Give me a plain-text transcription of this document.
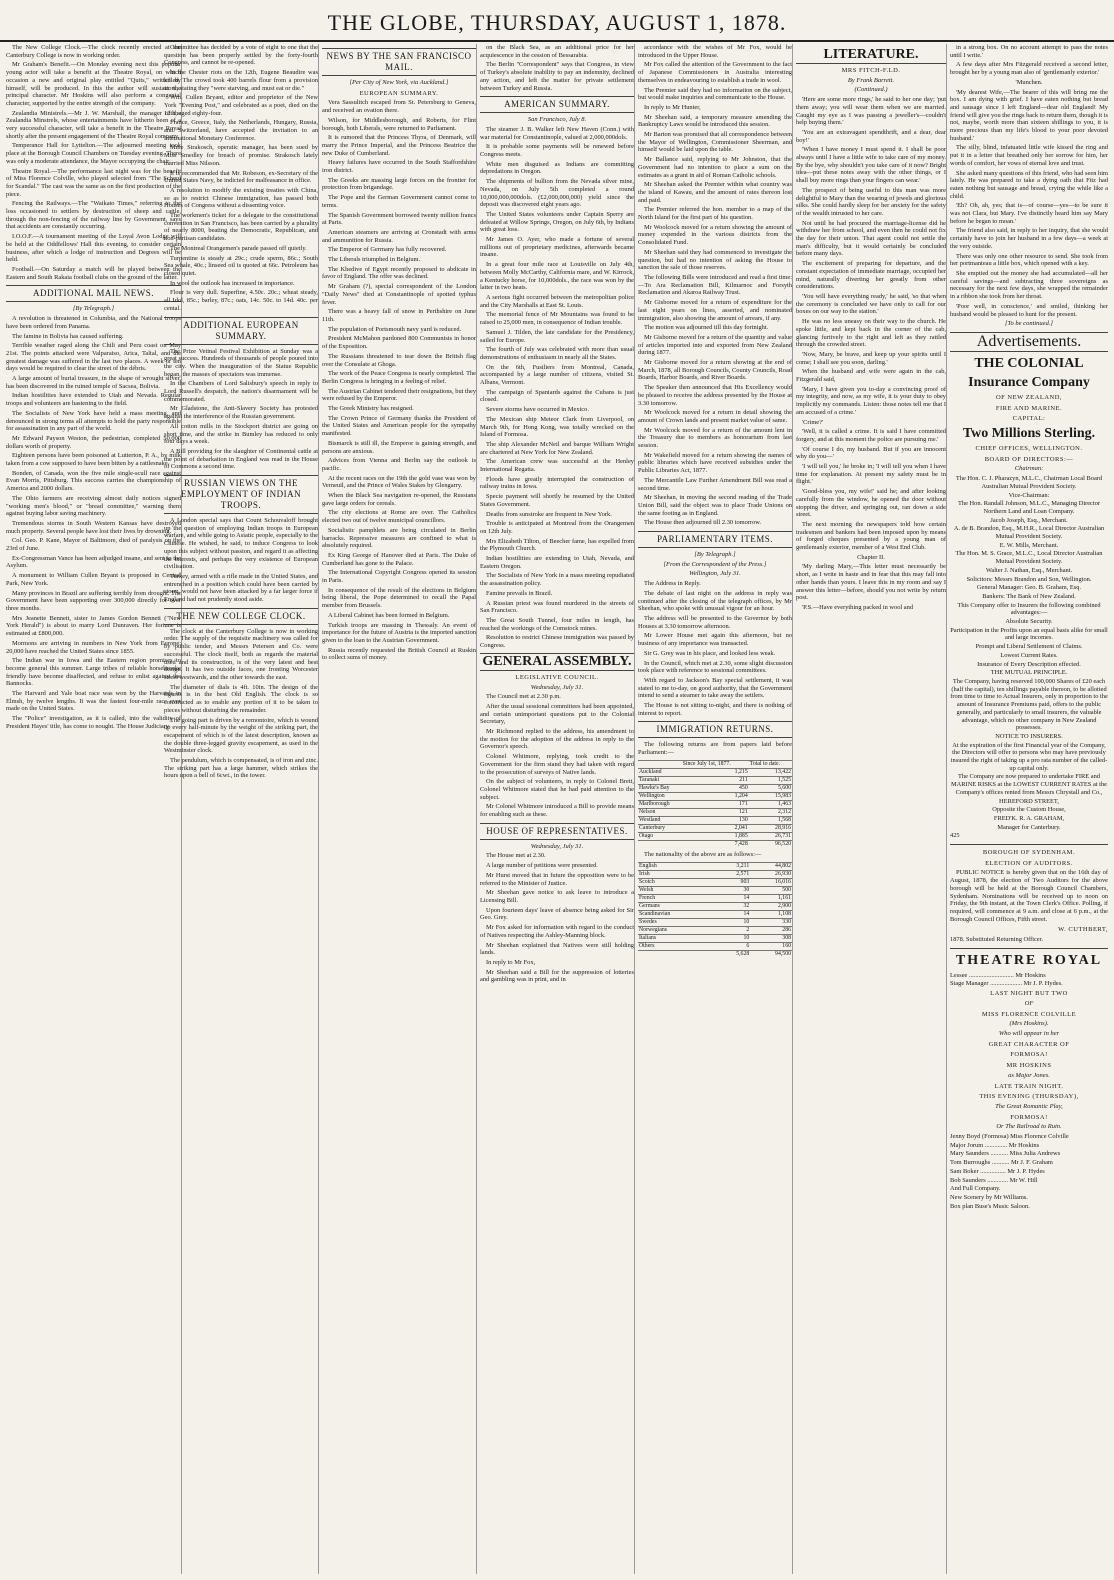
THE GLOBE, THURSDAY, AUGUST 1, 1878.

The New College Clock.—The clock recently erected at the Canterbury College is now in working order.

Mr Graham's Benefit.—On Monday evening next this popular young actor will take a benefit at the Theatre Royal, on which occasion a new and original play entitled "Quits," written by himself, will be produced. In this the author will sustain the principal character. Mr Hoskins will also perform a congenial character, supported by the entire strength of the company.

Zealandia Ministrels.—Mr J. W. Marshall, the manager of the Zealandia Minstrels, whose entertainments have hitherto been of a very successful character, will take a benefit in the Theatre Royal shortly after the present engagement of the Theatre Royal company.

Temperance Hall for Lyttelton.—The adjourned meeting took place at the Borough Council Chambers on Tuesday evening. There was only a moderate attendance, the Mayor occupying the chair.

Theatre Royal.—The performance last night was for the benefit of Miss Florence Colville, who played selected from "The School for Scandal." The cast was the same as on the first production of the piece.

Fencing the Railways.—The "Waikato Times," referring to the loss occasioned to settlers by destruction of sheep and cattle, through the non-fencing of the railway line by Government, says that accidents are constantly occurring.

I.O.O.F.—A tournament meeting of the Loyal Avon Lodge will be held at the Oddfellows' Hall this evening, to consider certain business, after which a lodge of instruction and Degrees will be held.

Football.—On Saturday a match will be played between the Eastern and South Rakaia football clubs on the ground of the latter.

ADDITIONAL MAIL NEWS.
[By Telegraph.]

A revolution is threatened in Columbia, and the National troops have been ordered from Panama.

The famine in Bolivia has caused suffering.

Terrible weather raged along the Chili and Peru coast on May 21st. The points attacked were Valparaiso, Arica, Taltal, and the greatest damage was suffered in the last two places. A week or ten days would be required to clear the street of the débris.

A large amount of burial treasure, in the shape of wrought silver, has been discovered in the ruined temple of Sacsea, Bolivia.

Indian hostilities have extended to Utah and Nevada. Regular troops and volunteers are hastening to the field.

The Socialists of New York have held a mass meeting, and denounced in strong terms all attempts to hold the party responsible for assassination in any part of the world.

Mr Edward Payson Weston, the pedestrian, completed 50,000 dollars worth of property.

Eighteen persons have been poisoned at Lutterton, P. A., by milk taken from a cow supposed to have been bitten by a rattlesnake.

Bonden, of Canada, won the five mile single-scull race against Evan Morris, Pittsburg. This success carries the championship of America and 2000 dollars.

The Ohio farmers are receiving almost daily notices signed "working men's blood," or "bread committee," warning them against buying labor saving machinery.

Tremendous storms in South Western Kansas have destroyed much property. Several people have lost their lives by drowning.

Col. Geo. P. Kane, Mayor of Baltimore, died of paralysis on the 23rd of June.

Ex-Congressman Vance has been adjudged insane, and sent to the Asylum.

A monument to William Cullen Bryant is proposed in Central Park, New York.

Many provinces in Brazil are suffering terribly from drought. The Government have been supporting over 300,000 directly for over three months.

Mrs Jeanette Bennett, sister to James Gordon Bennett ("New York Herald") is about to marry Lord Dunraven. Her fortune is estimated at £800,000.

Mormons are arriving in numbers in New York from Europe; 20,000 have reached the United States since 1855.

The Indian war in Iowa and the Eastern region promises to become general this summer. Large tribes of reliable horsebrooke friendly have become disaffected, and refuse to enlist against the Bannocks.

The Harvard and Yale boat race was won by the Harvards in Elmsh, by twelve lengths. It was the fastest four-mile race ever made on the United States.

The "Police" investigation, as it is called, into the validity of President Hayes' title, has come to nought. The House Judiciary

Committee has decided by a vote of eight to one that the question has been properly settled by the forty-fourth Congress, and cannot be re-opened.

In the Chester riots on the 12th, Eugene Beaudire was killed. The crowd took 400 barrels flour from a provision store, stating they "were starving, and must eat or die."

Wm. Cullen Bryant, editor and proprietor of the New York "Evening Post," and celebrated as a poet, died on the 12th, aged eighty-four.

France, Greece, Italy, the Netherlands, Hungary, Russia, and Switzerland, have accepted the invitation to an International Monetary Conference.

Mme Strakosch, operatic manager, has been sued by Miss Smedley for breach of promise. Strakosch lately married Miss Nilsson.

It is recommended that Mr. Robeson, ex-Secretary of the United States Navy, be indicted for malfeasance in office.

A resolution to modify the existing treaties with China, so as to restrict Chinese immigration, has passed both Houses of Congress without a dissenting voice.

The workmen's ticket for a delegate to the constitutional convention in San Francisco, has been carried by a plurality of nearly 8000, beating the Democratic, Republican, and non-partisan candidates.

The Montreal Orangemen's parade passed off quietly.

Turpentine is steady at 29c.; crude sperm, 86c.; South Sea whale, 40c.; linseed oil is quoted at 66c. Petroleum has closed quiet.

In wool the outlook has increased in importance.

Flour is very dull. Superfine, 4.50c. 20c.; wheat steady, all Idol, 85c.; barley, 87c.; oats, 14c. 50c. to 14d. 40c. per cental.

ADDITIONAL EUROPEAN SUMMARY.

The Prize Vetinal Festival Exhibition at Sunday was a great success. Hundreds of thousands of people poured into the city. When the inauguration of the Statue Republic began, the masses of spectators was immense.

In the Chambers of Lord Salisbury's speech in reply to Lord Russell's despatch, the nation's disarmament will be commemorated.

Mr Gladstone, the Anti-Slavery Society has protested against the interference of the Russian government.

All cotton mills in the Stockport district are going on short time, and the strike in Bumley has reduced to only four days a week.

A Bill providing for the slaughter of Continental cattle at the point of debarkation in England was read in the House of Commons a second time.

RUSSIAN VIEWS ON THE EMPLOYMENT OF INDIAN TROOPS.

A London special says that Count Schouvaloff brought up the question of employing Indian troops in European warfare, and while going to Asiatic people, especially to the Chinese. He wished, he said, to induce Congress to look upon this subject without passion, and regard it as affecting the interests, and perhaps the very existence of European civilisation.

Turkey, armed with a rifle made in the United States, and entrenched in a position which could have been carried by storm, would not have been attacked by a far larger force if England had not prudently stood aside.

THE NEW COLLEGE CLOCK.

The clock at the Canterbury College is now in working order. The supply of the requisite machinery was called for by public tender, and Messrs Petersen and Co. were successful. The clock itself, both as regards the material used and its construction, is of the very latest and best design. It has two outside faces, one fronting Worcester street westwards, and the other towards the east.

The diameter of dials is 4ft. 10in. The design of the figures is in the best Old English. The clock is so constructed as to enable any portion of it to be taken to pieces without disturbing the remainder.

The going part is driven by a remontoire, which is wound up every half-minute by the weight of the striking part, the escapement of which is of the latest description, known as the double three-legged gravity escapement, as used in the Westminster clock.

The pendulum, which is compensated, is of iron and zinc. The striking part has a large hammer, which strikes the hours upon a bell of 6cwt., in the tower.

NEWS BY THE SAN FRANCISCO MAIL.
[Per City of New York, via Auckland.]
EUROPEAN SUMMARY.

Vera Sassulitch escaped from St. Petersburg to Geneva, and received an ovation there.

Wilson, for Middlesborough, and Roberts, for Flint borough, both Liberals, were returned to Parliament.

It is rumored that the Princess Thyra, of Denmark, will marry the Prince Imperial, and the Princess Beatrice the new Duke of Cumberland.

Heavy failures have occurred in the South Staffordshire iron district.

The Greeks are massing large forces on the frontier for protection from brigandage.

The Pope and the German Government cannot come to terms.

The Spanish Government borrowed twenty million francs at Paris.

American steamers are arriving at Cronstadt with arms and ammunition for Russia.

The Emperor of Germany has fully recovered.

The Liberals triumphed in Belgium.

The Khedive of Egypt recently proposed to abdicate in favor of England. The offer was declined.

Mr Graham (?), special correspondent of the London "Daily News" died at Constantinople of spotted typhus fever.

There was a heavy fall of snow in Perthshire on June 11th.

The population of Portsmouth navy yard is reduced.

President McMahon pardoned 800 Communists in honor of the Exposition.

The Russians threatened to tear down the British flag over the Consulate at Ghoga.

The work of the Peace Congress is nearly completed. The Berlin Congress is bringing in a feeling of relief.

The Austrian Cabinet tendered their resignations, but they were refused by the Emperor.

The Greek Ministry has resigned.

The Crown Prince of Germany thanks the President of the United States and American people for the sympathy manifested.

Bismarck is still ill, the Emperor is gaining strength, and persons are anxious.

Advices from Vienna and Berlin say the outlook is pacific.

At the recent races on the 19th the gold vase was won by Verneuil, and the Prince of Wales Stakes by Glengarry.

When the Black Sea navigation re-opened, the Russians gave large orders for cereals.

The city elections at Rome are over. The Catholics elected two out of twelve municipal councillors.

Socialistic pamphlets are being circulated in Berlin barracks. Repressive measures are confined to what is absolutely required.

Ex King George of Hanover died at Paris. The Duke of Cumberland has gone to the Palace.

The International Copyright Congress opened its session in Paris.

In consequence of the result of the elections in Belgium being liberal, the Pope determined to recall the Papal member from Brussels.

A Liberal Cabinet has been formed in Belgium.

Turkish troops are massing in Thessaly. An event of importance for the future of Austria is the imported sanction given to the loan to the Austrian Government.

Russia recently requested the British Council at Ruskin to collect sums of money.

on the Black Sea, as an additional price for her acquiescence in the cession of Bessarabia.

The Berlin "Correspondent" says that Congress, in view of Turkey's absolute inability to pay an indemnity, declined any action, and left the matter for private settlement between Turkey and Russia.

AMERICAN SUMMARY.
San Francisco, July 8.

The steamer J. B. Walker left New Haven (Conn.) with war material for Constantinople, valued at 2,000,000dols.

It is probable some payments will be renewed before Congress meets.

White men disguised as Indians are committing depredations in Oregon.

The shipments of bullion from the Nevada silver mine, Nevada, on July 5th completed a round 10,000,000,000dols. (£2,000,000,000) yield since the deposit was discovered eight years ago.

The United States volunteers under Captain Sperry are defeated at Willow Springs, Oregon, on July 6th, by Indians with great loss.

Mr James O. Ayer, who made a fortune of several millions out of proprietary medicines, afterwards became insane.

In a great four mile race at Louisville on July 4th, between Molly McCarthy, California mare, and W. Kirrock, a Kentucky horse, for 10,000dols., the race was won by the latter in two heats.

A serious fight occurred between the metropolitan police and the City Marshalls at East St. Louis.

The memorial fence of Mr Mountains was found to be raised to 25,000 men, in consequence of Indian trouble.

Samuel J. Tilden, the late candidate for the Presidency, sailed for Europe.

The fourth of July was celebrated with more than usual demonstrations of enthusiasm in nearly all the States.

On the 6th, Fusiliers from Montreal, Canada, accompanied by a large number of citizens, visited St. Albans, Vermont.

The campaign of Spaniards against the Cubans is just closed.

Severe storms have occurred in Mexico.

The Mexican ship Meteor Clark from Liverpool, on March 9th, for Hong Kong, was totally wrecked on the Island of Formosa.

The ship Alexander McNeil and barque William Wright are chartered at New York for New Zealand.

The American crew was successful at the Henley International Regatta.

Floods have greatly interrupted the construction of railway trains in Iowa.

Specie payment will shortly be resumed by the United States Government.

Deaths from sunstroke are frequent in New York.

Trouble is anticipated at Montreal from the Orangemen on 12th July.

Mrs Elizabeth Tilton, of Beecher fame, has expelled from the Plymouth Church.

Indian hostilities are extending to Utah, Nevada, and Eastern Oregon.

The Socialists of New York in a mass meeting repudiated the assassination policy.

Famine prevails in Brazil.

A Russian priest was found murdered in the streets of San Francisco.

The Great South Tunnel, four miles in length, has reached the workings of the Comstock mines.

Resolution to restrict Chinese immigration was passed by Congress.

GENERAL ASSEMBLY.
LEGISLATIVE COUNCIL.
Wednesday, July 31.

The Council met at 2.30 p.m.

After the usual sessional committees had been appointed, and certain unimportant questions put to the Colonial Secretary,

Mr Richmond replied to the address, his amendment to the motion for the adoption of the address in reply to the Governor's speech.

Colonel Whitmore, replying, took credit to the Government for the firm stand they had taken with regard to the prosecution of surveys of Native lands.

On the subject of volunteers, in reply to Colonel Brett, Colonel Whitmore stated that he had paid attention to the subject.

Mr Colonel Whitmore introduced a Bill to provide means for enabling such as these.

HOUSE OF REPRESENTATIVES.
Wednesday, July 31.

The House met at 2.30.

A large number of petitions were presented.

Mr Hurst moved that in future the opposition were to be referred to the Minister of Justice.

Mr Sheehan gave notice to ask leave to introduce a Licensing Bill.

Upon fourteen days' leave of absence being asked for Sir Geo. Grey.

Mr Fox asked for information with regard to the conduct of Natives respecting the Ashley-Manning block.

Mr Sheehan explained that Natives were still holding lands.

In reply to Mr Fox,

Mr Sheehan said a Bill for the suppression of lotteries and gambling was in print, and in

accordance with the wishes of Mr Fox, would be introduced in the Upper House.

Mr Fox called the attention of the Government to the fact of Japanese Commissioners in Australia interesting themselves in endeavouring to establish a trade in wool.

The Premier said they had no information on the subject, but would make inquiries and communicate to the House.

In reply to Mr Hunter,

Mr Sheehan said, a temporary measure amending the Bankruptcy Laws would be introduced this session.

Mr Barton was promised that all correspondence between the Mayor of Wellington, Commissioner Sheerman, and himself would be laid upon the table.

Mr Ballance said, replying to Mr Johnston, that the Government had no intention to place a sum on the estimates as a grant in aid of Roman Catholic schools.

Mr Sheehan asked the Premier within what country was the island of Kawau, and the amount of rates thereon lost and paid.

The Premier referred the hon. member to a map of the North Island for the first part of his question.

Mr Woolcock moved for a return showing the amount of money expended in the various districts from the Consolidated Fund.

Mr Sheehan said they had commenced to investigate the question, but had no intention of asking the House to sanction the sale of those reserves.

The following Bills were introduced and read a first time:—To Ara Reclamation Bill, Kilmarnoc and Forsyth Reclamation and Akaroa Railway Trust.

Mr Gisborne moved for a return of expenditure for the last eight years on lines, asserted, and nominated immigration, also showing the amount of arrears, if any.

The motion was adjourned till this day fortnight.

Mr Gisborne moved for a return of the quantity and value of articles imported into and exported from New Zealand during 1877.

Mr Gisborne moved for a return showing at the end of March, 1878, all Borough Councils, County Councils, Road Boards, Harbor Boards, and River Boards.

The Speaker then announced that His Excellency would be pleased to receive the address presented by the House at 3.30 tomorrow.

Mr Woolcock moved for a return in detail showing the amount of Crown lands and present market value of same.

Mr Woolcock moved for a return of the amount lent in the Treasury due to members as honorarium from last session.

Mr Wakefield moved for a return showing the names of public libraries which have received subsidies under the Public Libraries Act, 1877.

The Mercantile Law Further Amendment Bill was read a second time.

Mr Sheehan, in moving the second reading of the Trade Union Bill, said the object was to place Trade Unions on the same footing as in England.

The House then adjourned till 2.30 tomorrow.

PARLIAMENTARY ITEMS.
[By Telegraph.]
[From the Correspondent of the Press.]
Wellington, July 31.

The Address in Reply.

The debate of last night on the address in reply was continued after the closing of the telegraph offices, by Mr Sheehan, who spoke with unusual vigour for an hour.

The address will be presented to the Governor by both Houses at 3.30 tomorrow afternoon.

Mr Lower House met again this afternoon, but no business of any importance was transacted.

Sir G. Grey was in his place, and looked less weak.

In the Council, which met at 2.30, some slight discussion took place with reference to sessional committees.

With regard to Jackson's Bay special settlement, it was stated to me to-day, on good authority, that the Government intend to send a steamer to take away the settlers.

The House is not sitting to-night, and there is nothing of interest to report.

IMMIGRATION RETURNS.

The following returns are from papers laid before Parliament:—

	Since July 1st, 1877.	Total to date.
Auckland	1,215	13,422
Taranaki	211	1,525
Hawke's Bay	450	5,600
Wellington	1,204	15,983
Marlborough	171	1,463
Nelson	121	2,312
Westland	130	1,568
Canterbury	2,041	28,916
Otago	1,885	26,731
	7,428	96,520

The nationality of the above are as follows:—

English	3,211	44,802
Irish	2,571	26,930
Scotch	903	16,016
Welsh	30	500
French	14	1,161
Germans	32	2,900
Scandinavian	14	1,108
Swedes	10	330
Norwegians	2	286
Italians	10	308
Others	6	160
	5,628	94,500
LITERATURE.
MRS FITCH-F.LD.
By Frank Barrett.
(Continued.)

'Here are some more rings,' he said to her one day; 'put them away; you will wear them when we are married. Caught my eye as I was passing a jeweller's—couldn't help buying them.'

'You are an extravagant spendthrift, and a dear, dear boy!'

'When I have money I must spend it. I shall be poor always until I have a little wife to take care of my money. By the bye, why shouldn't you take care of it now? Bright idea—put these notes away with the other things, or I shall buy more rings than your fingers can wear.'

The prospect of being useful to this man was more delightful to Mary than the wearing of jewels and glorious silks. She could hardly sleep for her anxiety for the safety of the wealth intrusted to her care.

Not until he had procured the marriage-license did he withdraw her from school, and even then he could not fix the day for their union. That agent could not settle the man's difficulty, but it would certainly be concluded before many days.

The excitement of preparing for departure, and the constant expectation of immediate marriage, occupied her mind, naturally diverting her greatly from other considerations.

'You will have everything ready,' he said, 'so that when the ceremony is concluded we have only to call for our boxes on our way to the station.'

He was no less uneasy on their way to the church. He spoke little, and kept back in the corner of the cab, glancing furtively to the right and left as they rattled through the crowded street.

'Now, Mary, be brave, and keep up your spirits until I come; I shall see you soon, darling.'

When the husband and wife were again in the cab, Fitzgerald said,

'Mary, I have given you to-day a convincing proof of my integrity, and now, as my wife, it is your duty to obey implicitly my commands. Listen: those notes tell me that I am accused of a crime.'

'Crime?'

'Well, it is called a crime. It is said I have committed forgery, and at this moment the police are pursuing me.'

'Of course I do, my husband. But if you are innocent why do you—'

'I will tell you,' he broke in; 'I will tell you when I have time for explanation. At present my safety must be in flight.'

'Good-bless you, my wife!' said he; and after looking carefully from the window, he opened the door without stopping the driver, and springing out, ran down a side street.

The next morning the newspapers told how certain tradesmen and bankers had been imposed upon by means of forged cheques presented by a young man of gentlemanly exterior, member of a West End Club.

Chapter II.

'My darling Mary,—This letter must necessarily be short, as I write in haste and in fear that this may fall into other hands than yours. I leave this in my room and say I answer this letter—before, should you not write by return post.

'P.S.—Have everything packed in wool and

in a strong box. On no account attempt to pass the notes until I write.'

A few days after Mrs Fitzgerald received a second letter, brought her by a young man also of 'gentlemanly exterior.'

'Munchen.

'My dearest Wife,—The bearer of this will bring me the box. I am dying with grief. I have eaten nothing but bread and sausage since I left England—dear old England! My friend will give you the rings back to return them, though it is not, maybe, worth more than sixteen shillings to you, it is more precious than my life's blood to your poor devoted husband.'

The silly, blind, infatuated little wife kissed the ring and put it in a letter that breathed only her sorrow for him, her words of comfort, her vows of eternal love and trust.

She asked many questions of this friend, who had seen him lately. He was prepared to take a dying oath that Fitz had eaten nothing but sausage and bread, crying the while like a child.

'Eh? Oh, ah, yes; that is—of course—yes—to be sure it was not Clara, but Mary. I've distinctly heard him say Mary before he began to moan.'

The friend also said, in reply to her inquiry, that she would certainly have to join her husband in a few days—a week at the very outside.

There was only one other resource to send. She took from her portmanteau a little box, which opened with a key.

She emptied out the money she had accumulated—all her careful savings—and subtracting three sovereigns as necessary for the next few days, she wrapped the remainder in a ribbon she took from her throat.

'Poor well, in conscience,' and smiled, thinking her husband would be pleased to hunt for the present.

[To be continued.]
Advertisements.
THE COLONIAL
Insurance Company
OF NEW ZEALAND,
FIRE AND MARINE.
CAPITAL:
Two Millions Sterling.
CHIEF OFFICES, WELLINGTON.
BOARD OF DIRECTORS:—
Chairman:
The Hon. C. J. Pharazyn, M.L.C., Chairman Local Board Australian Mutual Provident Society.
Vice-Chairman:
The Hon. Randall Johnson, M.L.C., Managing Director Northern Land and Loan Company.
Jacob Joseph, Esq., Merchant.
A. de B. Brandon, Esq., M.H.R., Local Director Australian Mutual Provident Society.
E. W. Mills, Merchant.
The Hon. M. S. Grace, M.L.C., Local Director Australian Mutual Provident Society.
Walter J. Nathan, Esq., Merchant.
Solicitors: Messrs Brandon and Son, Wellington.
General Manager: Geo. B. Graham, Esq.
Bankers: The Bank of New Zealand.
This Company offer to Insurers the following combined advantages:—
Absolute Security.
Participation in the Profits upon an equal basis alike for small and large incomes.
Prompt and Liberal Settlement of Claims.
Lowest Current Rates.
Insurance of Every Description effected.
THE MUTUAL PRINCIPLE.
The Company, having reserved 100,000 Shares of £20 each (half the capital), ten shillings payable thereon, to be allotted from time to time to Actual Insurers, only in proportion to the amount of Insurance Premiums paid, offers to the public generally, and particularly to small insurers, the valuable advantage, which no other company in New Zealand possesses.
NOTICE TO INSURERS.
At the expiration of the first Financial year of the Company, the Directors will offer to persons who may have previously insured the right of taking up a pro rata number of the called-up capital only.
The Company are now prepared to undertake FIRE and MARINE RISKS at the LOWEST CURRENT RATES at the Company's offices rented from Messrs Chrystall and Co.,
HEREFORD STREET,
Opposite the Custom House,
FRED'K. R. A. GRAHAM,
Manager for Canterbury.
425
BOROUGH OF SYDENHAM.
ELECTION OF AUDITORS.

PUBLIC NOTICE is hereby given that on the 16th day of August, 1878, the election of Two Auditors for the above borough will be held at the Borough Council Chambers, Sydenham. Nominations will be received up to noon on Friday, the 9th instant, at the Town Clerk's Office. Polling, if required, will commence at 9 a.m. and close at 6 p.m., at the Borough Council Offices, Fifth street.

W. CUTHBERT,
1878. Substituted Returning Officer.
THEATRE ROYAL
Lessee ............................ Mr Hoskins
Stage Manager .................... Mr J. P. Hydes.
LAST NIGHT BUT TWO
OF
MISS FLORENCE COLVILLE
(Mrs Hoskins).
Who will appear in her
GREAT CHARACTER OF
FORMOSA!
MR HOSKINS
as Major Jones.
LATE TRAIN NIGHT.
THIS EVENING (THURSDAY),
The Great Romantic Play,
FORMOSA!
Or The Railroad to Ruin.
Jenny Boyd (Formosa) Miss Florence Colville
Major Jorum .............. Mr Hoskins
Mary Saunders ........... Miss Julia Andrews
Tom Burroughs ........... Mr J. F. Graham
Sam Boker ................ Mr J. P. Hydes
Bob Saunders ............. Mr W. Hill
And Full Company.
New Scenery by Mr Williams.
Box plan Buse's Music Saloon.
